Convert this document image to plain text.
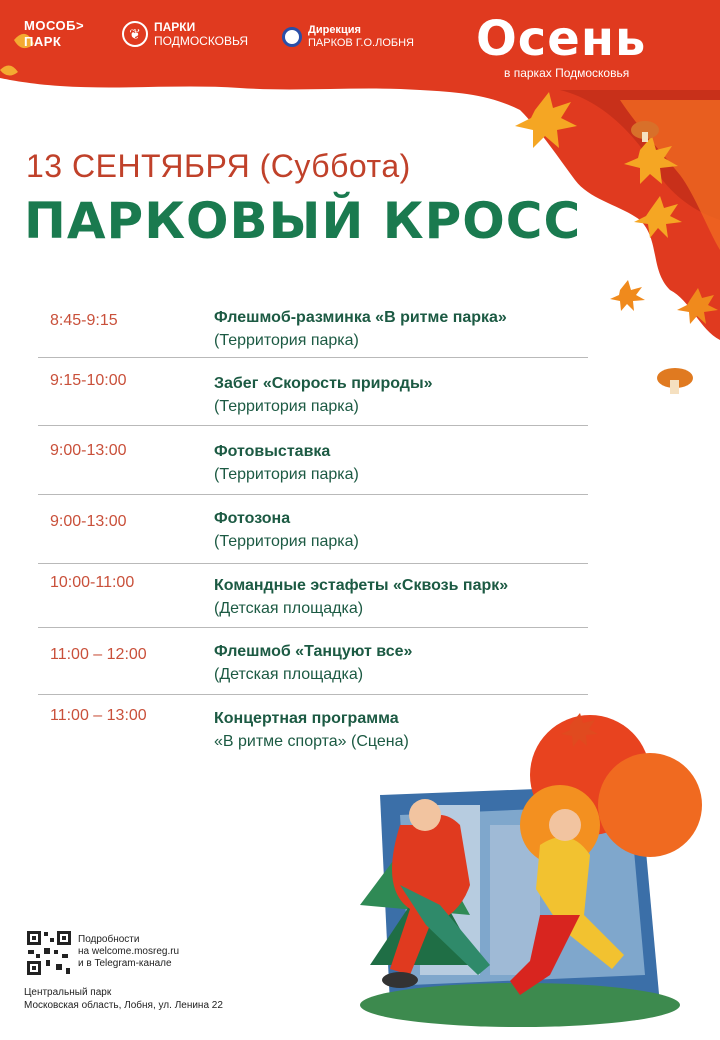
МОСОБ>
ПАРК	❦	ПАРКИ
ПОДМОСКОВЬЯ
Дирекция
ПАРКОВ Г.О.ЛОБНЯ Осень
в парках Подмосковья
13 СЕНТЯБРЯ (Суббота)
ПАРКОВЫЙ КРОСС
8:45-9:15	Флешмоб-разминка «В ритме парка»
(Территория парка)
9:15-10:00	Забег «Скорость природы»
(Территория парка)
9:00-13:00	Фотовыставка
(Территория парка)
9:00-13:00	Фотозона
(Территория парка)
10:00-11:00	Командные эстафеты «Сквозь парк»
(Детская площадка)
11:00 – 12:00	Флешмоб «Танцуют все»
(Детская площадка)
11:00 – 13:00	Концертная программа
«В ритме спорта» (Сцена)
Подробности
на welcome.mosreg.ru
и в Telegram-канале
Центральный парк
Московская область, Лобня, ул. Ленина 22
